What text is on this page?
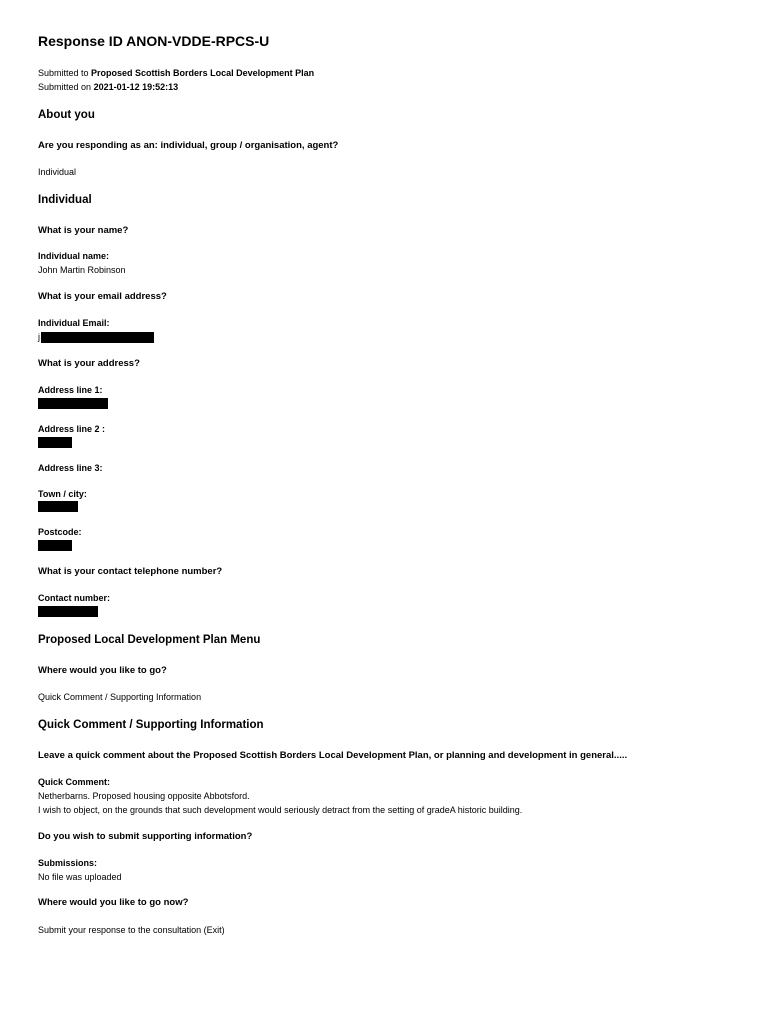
Response ID ANON-VDDE-RPCS-U
Submitted to Proposed Scottish Borders Local Development Plan
Submitted on 2021-01-12 19:52:13
About you
Are you responding as an: individual, group / organisation, agent?
Individual
Individual
What is your name?
Individual name:
John Martin Robinson
What is your email address?
Individual Email:
j
What is your address?
Address line 1:
Address line 2 :
Address line 3:
Town / city:
Postcode:
What is your contact telephone number?
Contact number:
Proposed Local Development Plan Menu
Where would you like to go?
Quick Comment / Supporting Information
Quick Comment / Supporting Information
Leave a quick comment about the Proposed Scottish Borders Local Development Plan, or planning and development in general.....
Quick Comment:
Netherbarns. Proposed housing opposite Abbotsford.
I wish to object, on the grounds that such development would seriously detract from the setting of gradeA historic building.
Do you wish to submit supporting information?
Submissions:
No file was uploaded
Where would you like to go now?
Submit your response to the consultation (Exit)
